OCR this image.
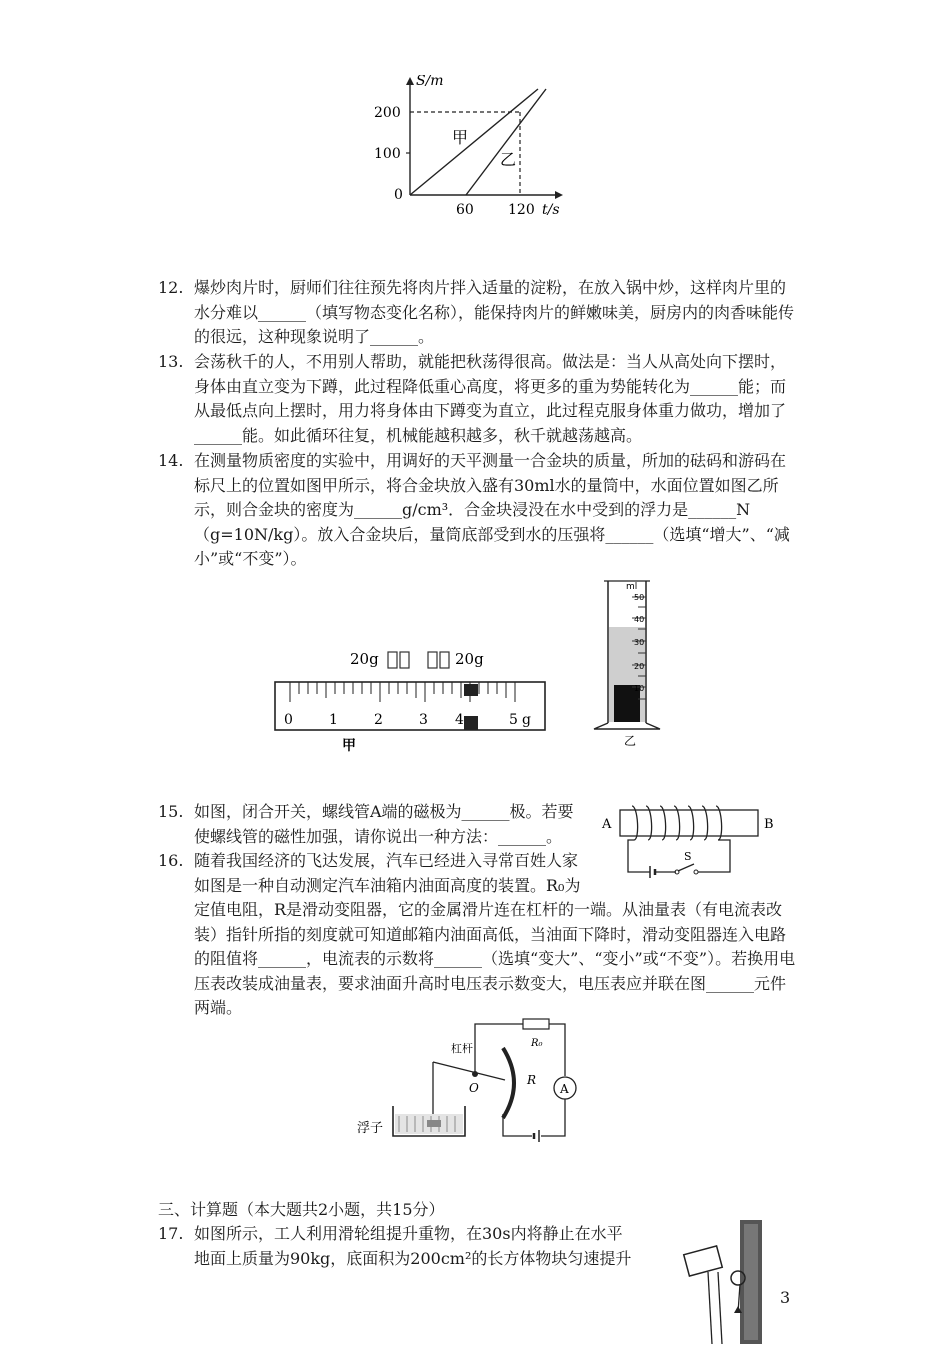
S/m
t/s
200
100
0
60 120
甲
乙
12. 爆炒肉片时，厨师们往往预先将肉片拌入适量的淀粉，在放入锅中炒，这样肉片里的水分难以______（填写物态变化名称），能保持肉片的鲜嫩味美，厨房内的肉香味能传的很远，这种现象说明了______。
13. 会荡秋千的人，不用别人帮助，就能把秋荡得很高。做法是：当人从高处向下摆时，身体由直立变为下蹲，此过程降低重心高度，将更多的重为势能转化为______能；而从最低点向上摆时，用力将身体由下蹲变为直立，此过程克服身体重力做功，增加了______能。如此循环往复，机械能越积越多，秋千就越荡越高。
14. 在测量物质密度的实验中，用调好的天平测量一合金块的质量，所加的砝码和游码在标尺上的位置如图甲所示，将合金块放入盛有30ml水的量筒中，水面位置如图乙所示，则合金块的密度为______g/cm³．合金块浸没在水中受到的浮力是______N（g=10N/kg）。放入合金块后，量筒底部受到水的压强将______（选填“增大”、“减小”或“不变”）。
20g	20g
0	1	2	3 4	5 g
甲
ml
50
40
30
20
10
乙
15. 如图，闭合开关，螺线管A端的磁极为______极。若要
使螺线管的磁性加强，请你说出一种方法：______。
A	B
S
16. 随着我国经济的飞达发展，汽车已经进入寻常百姓人家
如图是一种自动测定汽车油箱内油面高度的装置。R₀为
定值电阻，R是滑动变阻器，它的金属滑片连在杠杆的一端。从油量表（有电流表改装）指针所指的刻度就可知道邮箱内油面高低，当油面下降时，滑动变阻器连入电路的阻值将______，电流表的示数将______（选填“变大”、“变小”或“不变”）。若换用电压表改装成油量表，要求油面升高时电压表示数变大，电压表应并联在图______元件两端。
杠杆	R₀
R
O	A
浮子
三、计算题（本大题共2小题，共15分）
17. 如图所示，工人利用滑轮组提升重物，在30s内将静止在水平
地面上质量为90kg，底面积为200cm²的长方体物块匀速提升
3
